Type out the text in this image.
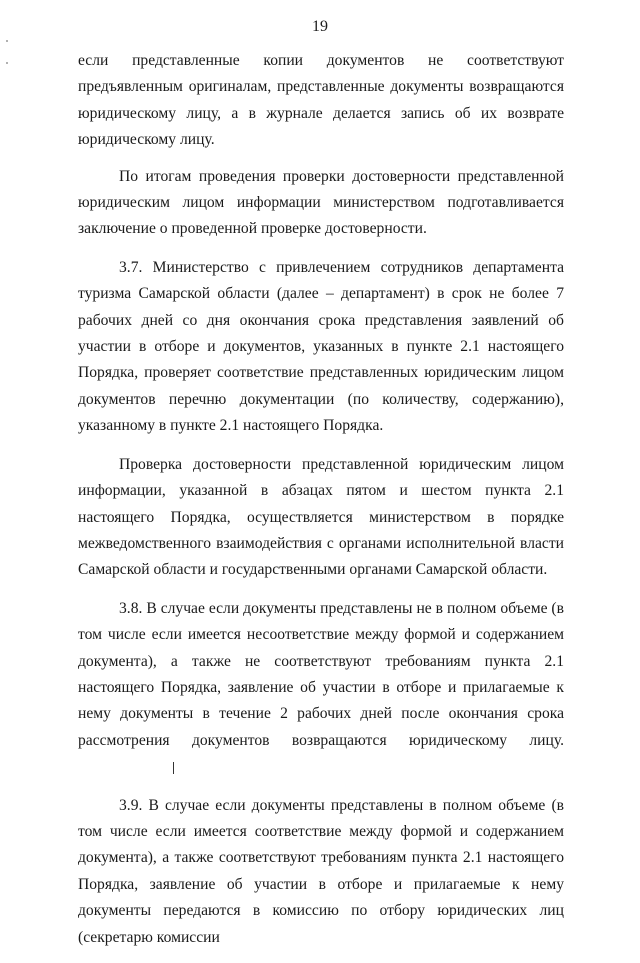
19

если представленные копии документов не соответствуют предъявленным оригиналам, представленные документы возвращаются юридическому лицу, а в журнале делается запись об их возврате юридическому лицу.

По итогам проведения проверки достоверности представленной юридическим лицом информации министерством подготавливается заключение о проведенной проверке достоверности.

3.7. Министерство с привлечением сотрудников департамента туризма Самарской области (далее – департамент) в срок не более 7 рабочих дней со дня окончания срока представления заявлений об участии в отборе и документов, указанных в пункте 2.1 настоящего Порядка, проверяет соответствие представленных юридическим лицом документов перечню документации (по количеству, содержанию), указанному в пункте 2.1 настоящего Порядка.

Проверка достоверности представленной юридическим лицом информации, указанной в абзацах пятом и шестом пункта 2.1 настоящего Порядка, осуществляется министерством в порядке межведомственного взаимодействия с органами исполнительной власти Самарской области и государственными органами Самарской области.

3.8. В случае если документы представлены не в полном объеме (в том числе если имеется несоответствие между формой и содержанием документа), а также не соответствуют требованиям пункта 2.1 настоящего Порядка, заявление об участии в отборе и прилагаемые к нему документы в течение 2 рабочих дней после окончания срока рассмотрения документов возвращаются юридическому лицу.

3.9. В случае если документы представлены в полном объеме (в том числе если имеется соответствие между формой и содержанием документа), а также соответствуют требованиям пункта 2.1 настоящего Порядка, заявление об участии в отборе и прилагаемые к нему документы передаются в комиссию по отбору юридических лиц (секретарю комиссии
